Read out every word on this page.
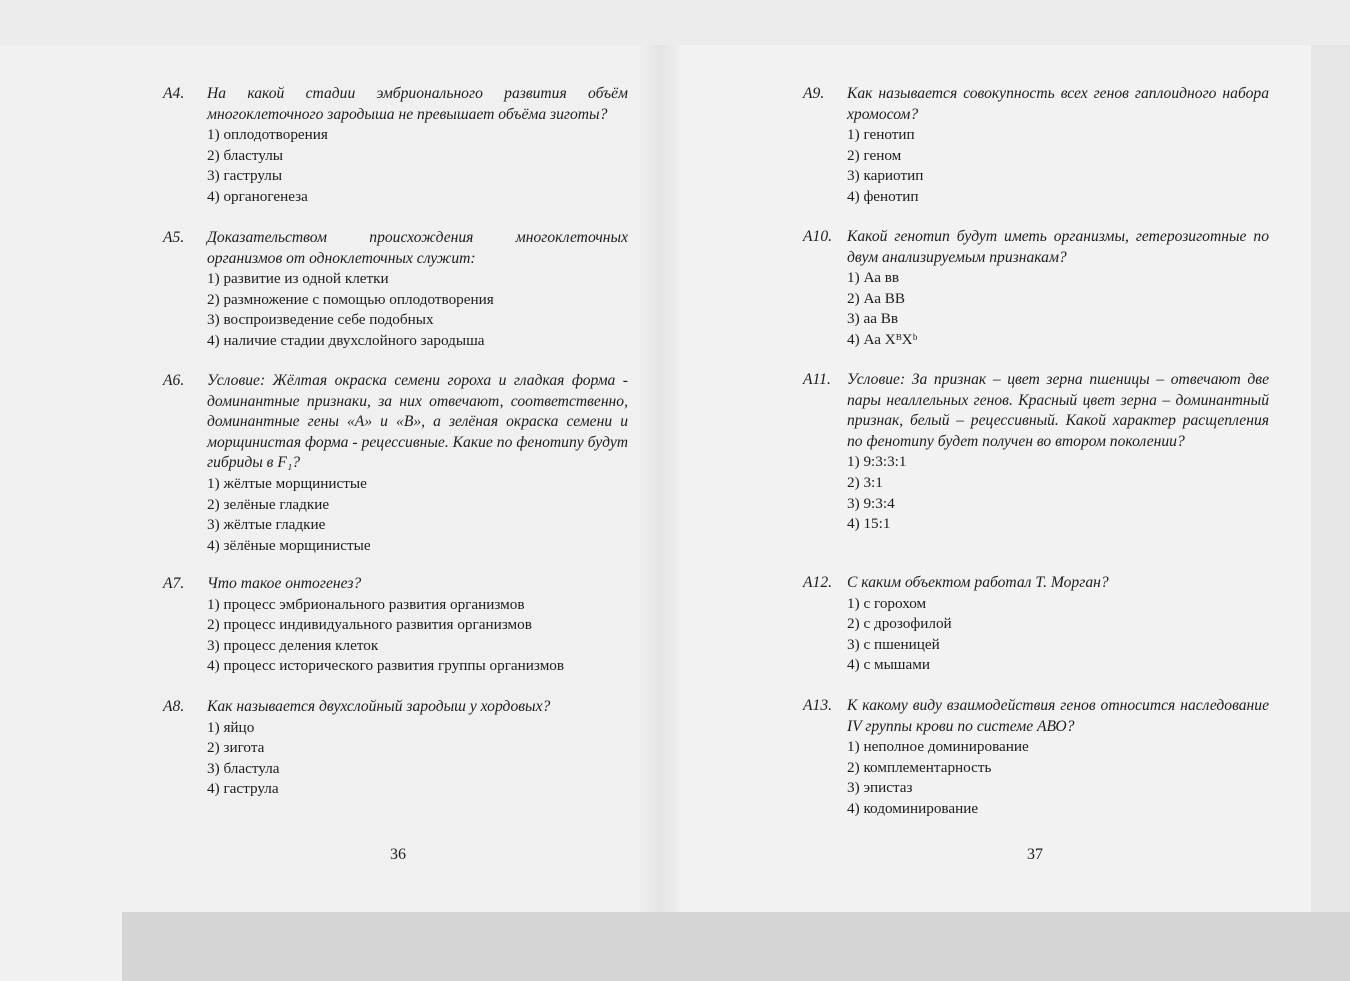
А4. На какой стадии эмбрионального развития объём многоклеточного зародыша не превышает объёма зиготы?
1) оплодотворения
2) бластулы
3) гаструлы
4) органогенеза
А5. Доказательством происхождения многоклеточных организмов от одноклеточных служит:
1) развитие из одной клетки
2) размножение с помощью оплодотворения
3) воспроизведение себе подобных
4) наличие стадии двухслойного зародыша
А6. Условие: Жёлтая окраска семени гороха и гладкая форма - доминантные признаки, за них отвечают, соответственно, доминантные гены «А» и «В», а зелёная окраска семени и морщинистая форма - рецессивные. Какие по фенотипу будут гибриды в F₁?
1) жёлтые морщинистые
2) зелёные гладкие
3) жёлтые гладкие
4) зёлёные морщинистые
А7. Что такое онтогенез?
1) процесс эмбрионального развития организмов
2) процесс индивидуального развития организмов
3) процесс деления клеток
4) процесс исторического развития группы организмов
А8. Как называется двухслойный зародыш у хордовых?
1) яйцо
2) зигота
3) бластула
4) гаструла
36
А9. Как называется совокупность всех генов гаплоидного набора хромосом?
1) генотип
2) геном
3) кариотип
4) фенотип
А10. Какой генотип будут иметь организмы, гетерозиготные по двум анализируемым признакам?
1) Аа вв
2) Аа ВВ
3) аа Вв
4) Аа XᴮXᵇ
А11. Условие: За признак – цвет зерна пшеницы – отвечают две пары неаллельных генов. Красный цвет зерна – доминантный признак, белый – рецессивный. Какой характер расщепления по фенотипу будет получен во втором поколении?
1) 9:3:3:1
2) 3:1
3) 9:3:4
4) 15:1
А12. С каким объектом работал Т. Морган?
1) с горохом
2) с дрозофилой
3) с пшеницей
4) с мышами
А13. К какому виду взаимодействия генов относится наследование IV группы крови по системе АВО?
1) неполное доминирование
2) комплементарность
3) эпистаз
4) кодоминирование
37
